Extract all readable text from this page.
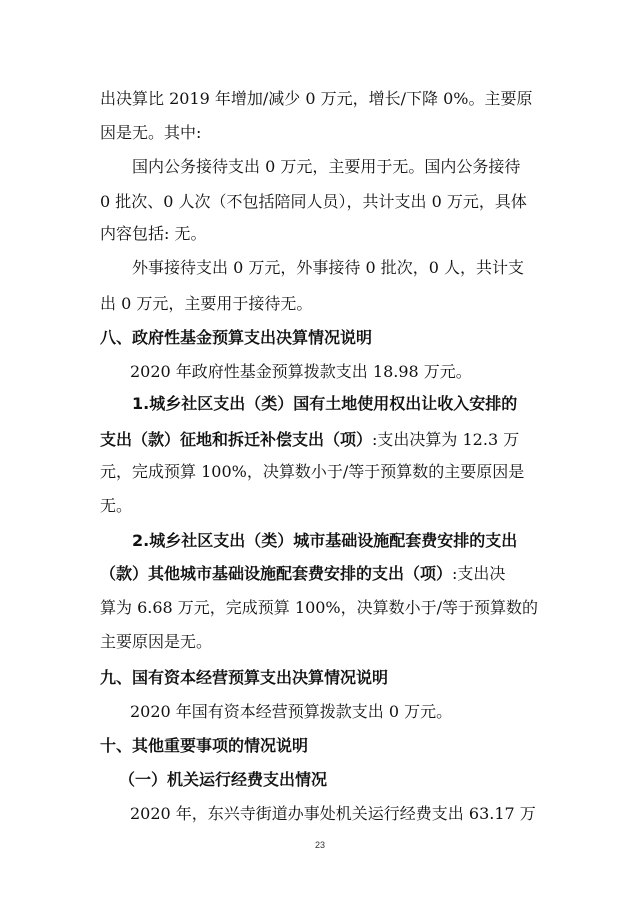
出决算比 2019 年增加/减少 0 万元，增长/下降 0%。主要原
因是无。其中:
国内公务接待支出 0 万元，主要用于无。国内公务接待
0 批次、0 人次（不包括陪同人员），共计支出 0 万元，具体
内容包括: 无。
外事接待支出 0 万元，外事接待 0 批次，0 人，共计支
出 0 万元，主要用于接待无。
八、政府性基金预算支出决算情况说明
2020 年政府性基金预算拨款支出 18.98 万元。
1.城乡社区支出（类）国有土地使用权出让收入安排的
支出（款）征地和拆迁补偿支出（项）:支出决算为 12.3 万
元，完成预算 100%，决算数小于/等于预算数的主要原因是
无。
2.城乡社区支出（类）城市基础设施配套费安排的支出
（款）其他城市基础设施配套费安排的支出（项）:支出决
算为 6.68 万元，完成预算 100%，决算数小于/等于预算数的
主要原因是无。
九、国有资本经营预算支出决算情况说明
2020 年国有资本经营预算拨款支出 0 万元。
十、其他重要事项的情况说明
（一）机关运行经费支出情况
2020 年，东兴寺街道办事处机关运行经费支出 63.17 万
23
